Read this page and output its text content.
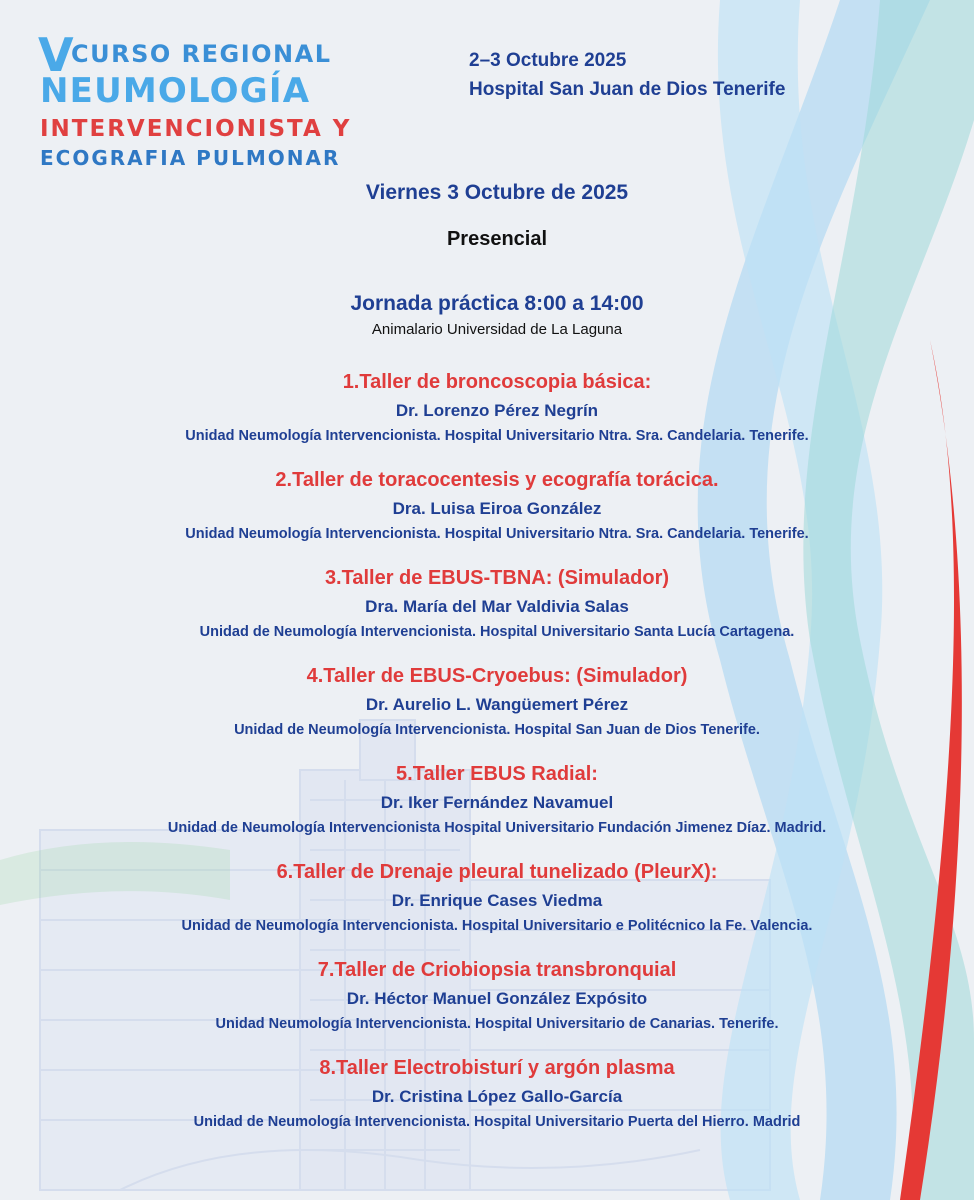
V
CURSO REGIONAL
NEUMOLOGÍA
INTERVENCIONISTA Y
ECOGRAFIA PULMONAR
2–3 Octubre 2025
Hospital San Juan de Dios Tenerife
Viernes 3 Octubre de 2025
Presencial
Jornada práctica 8:00 a 14:00
Animalario Universidad de La Laguna
1.Taller de broncoscopia básica:
Dr. Lorenzo Pérez Negrín
Unidad Neumología Intervencionista. Hospital Universitario Ntra. Sra. Candelaria. Tenerife.
2.Taller de toracocentesis y ecografía torácica.
Dra. Luisa Eiroa González
Unidad Neumología Intervencionista. Hospital Universitario Ntra. Sra. Candelaria. Tenerife.
3.Taller de EBUS-TBNA: (Simulador)
Dra. María del Mar Valdivia Salas
Unidad de Neumología Intervencionista. Hospital Universitario Santa Lucía Cartagena.
4.Taller de EBUS-Cryoebus: (Simulador)
Dr. Aurelio L. Wangüemert Pérez
Unidad de Neumología Intervencionista. Hospital San Juan de Dios Tenerife.
5.Taller EBUS Radial:
Dr. Iker Fernández Navamuel
Unidad de Neumología Intervencionista Hospital Universitario Fundación Jimenez Díaz. Madrid.
6.Taller de Drenaje pleural tunelizado (PleurX):
Dr. Enrique Cases Viedma
Unidad de Neumología Intervencionista. Hospital Universitario e Politécnico la Fe. Valencia.
7.Taller de Criobiopsia transbronquial
Dr. Héctor Manuel González Expósito
Unidad Neumología Intervencionista. Hospital Universitario de Canarias. Tenerife.
8.Taller Electrobisturí y argón plasma
Dr. Cristina López Gallo-García
Unidad de Neumología Intervencionista. Hospital Universitario Puerta del Hierro. Madrid
